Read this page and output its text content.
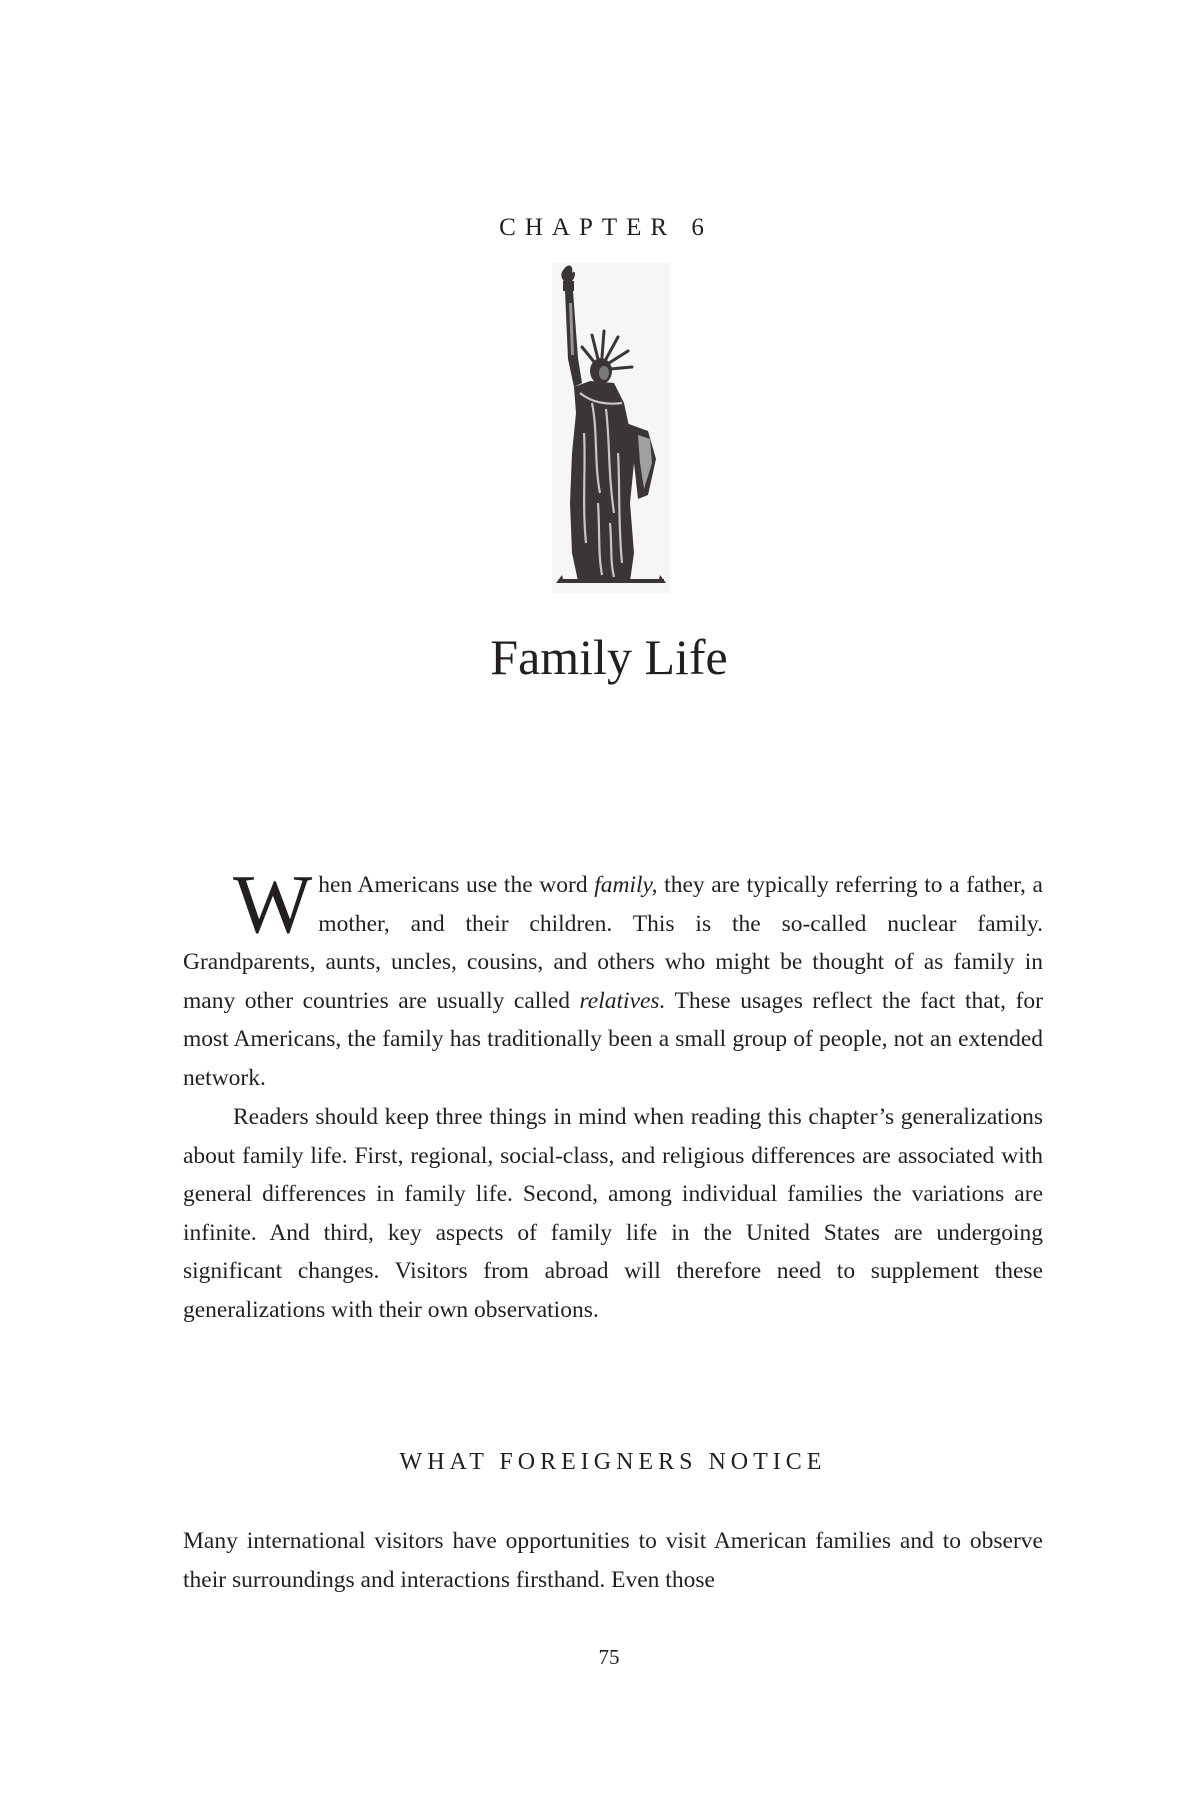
CHAPTER 6
Family Life

When Americans use the word family, they are typically referring to a father, a mother, and their children. This is the so-called nuclear family. Grandparents, aunts, uncles, cousins, and others who might be thought of as family in many other countries are usually called relatives. These usages reflect the fact that, for most Americans, the family has traditionally been a small group of people, not an extended network.

Readers should keep three things in mind when reading this chapter’s generalizations about family life. First, regional, social-class, and religious differences are associated with general differences in family life. Second, among individual families the variations are infinite. And third, key aspects of family life in the United States are undergoing significant changes. Visitors from abroad will therefore need to supplement these generalizations with their own observations.

WHAT FOREIGNERS NOTICE

Many international visitors have opportunities to visit American families and to observe their surroundings and interactions firsthand. Even those

75
